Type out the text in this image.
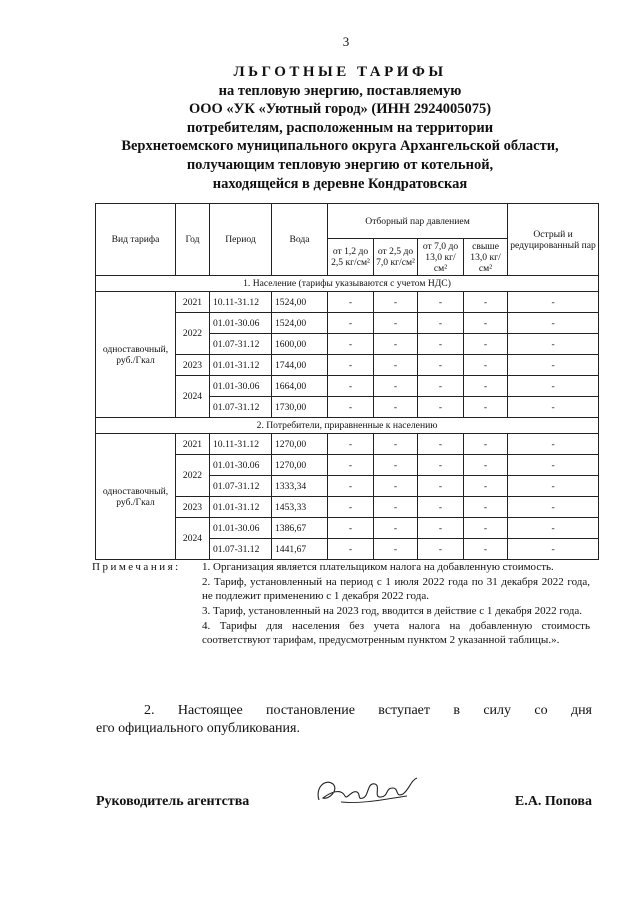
3
ЛЬГОТНЫЕ ТАРИФЫ
на тепловую энергию, поставляемую
ООО «УК «Уютный город» (ИНН 2924005075)
потребителям, расположенным на территории
Верхнетоемского муниципального округа Архангельской области,
получающим тепловую энергию от котельной,
находящейся в деревне Кондратовская
Вид тарифа	Год	Период	Вода	Отборный пар давлением				Острый и редуцированный пар
				от 1,2 до 2,5 кг/см²	от 2,5 до 7,0 кг/см²	от 7,0 до 13,0 кг/см²	свыше 13,0 кг/см²	
1. Население (тарифы указываются с учетом НДС)								
одноставочный, руб./Гкал	2021	10.11-31.12	1524,00	-	-	-	-	-
	2022	01.01-30.06	1524,00	-	-	-	-	-
		01.07-31.12	1600,00	-	-	-	-	-
	2023	01.01-31.12	1744,00	-	-	-	-	-
	2024	01.01-30.06	1664,00	-	-	-	-	-
		01.07-31.12	1730,00	-	-	-	-	-
2. Потребители, приравненные к населению								
одноставочный, руб./Гкал	2021	10.11-31.12	1270,00	-	-	-	-	-
	2022	01.01-30.06	1270,00	-	-	-	-	-
		01.07-31.12	1333,34	-	-	-	-	-
	2023	01.01-31.12	1453,33	-	-	-	-	-
	2024	01.01-30.06	1386,67	-	-	-	-	-
		01.07-31.12	1441,67	-	-	-	-	-
Примечания: 1. Организация является плательщиком налога на добавленную стоимость.

2. Тариф, установленный на период с 1 июля 2022 года по 31 декабря 2022 года, не подлежит применению с 1 декабря 2022 года.

3. Тариф, установленный на 2023 год, вводится в действие с 1 декабря 2022 года.

4. Тарифы для населения без учета налога на добавленную стоимость соответствуют тарифам, предусмотренным пунктом 2 указанной таблицы.».

2. Настоящее постановление вступает в силу со дня
его официального опубликования.
Руководитель агентства	Е.А. Попова
